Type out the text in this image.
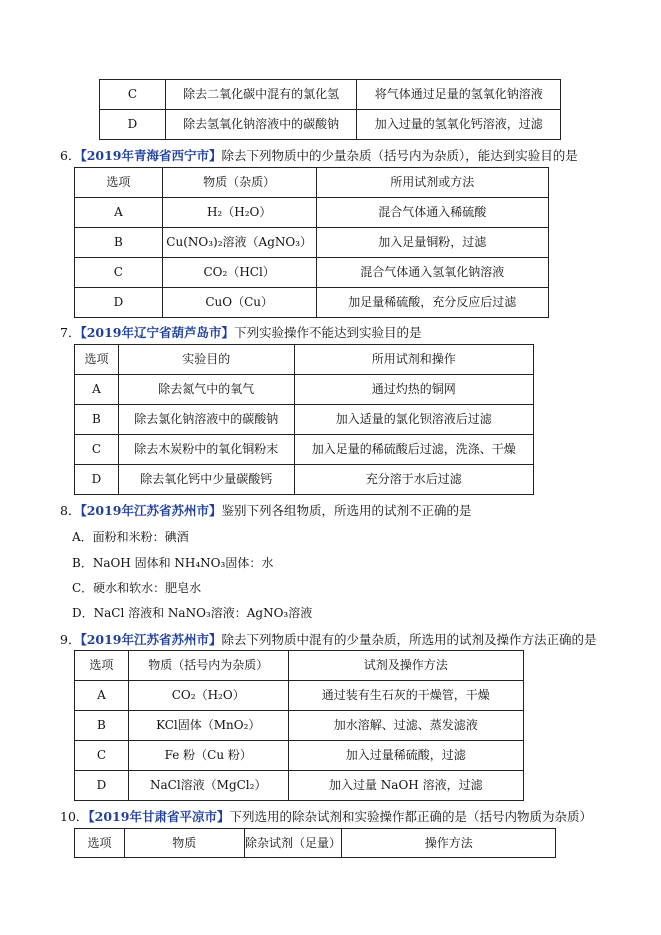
C	除去二氧化碳中混有的氯化氢	将气体通过足量的氢氧化钠溶液
D	除去氢氧化钠溶液中的碳酸钠	加入过量的氢氧化钙溶液，过滤
6．【2019年青海省西宁市】除去下列物质中的少量杂质（括号内为杂质），能达到实验目的是
选项	物质（杂质）	所用试剂或方法
A	H₂（H₂O）	混合气体通入稀硫酸
B	Cu(NO₃)₂溶液（AgNO₃）	加入足量铜粉，过滤
C	CO₂（HCl）	混合气体通入氢氧化钠溶液
D	CuO（Cu）	加足量稀硫酸，充分反应后过滤
7．【2019年辽宁省葫芦岛市】下列实验操作不能达到实验目的是
选项	实验目的	所用试剂和操作
A	除去氮气中的氧气	通过灼热的铜网
B	除去氯化钠溶液中的碳酸钠	加入适量的氯化钡溶液后过滤
C	除去木炭粉中的氧化铜粉末	加入足量的稀硫酸后过滤，洗涤、干燥
D	除去氧化钙中少量碳酸钙	充分溶于水后过滤
8．【2019年江苏省苏州市】鉴别下列各组物质，所选用的试剂不正确的是
A．面粉和米粉：碘酒
B．NaOH 固体和 NH₄NO₃固体：水
C．硬水和软水：肥皂水
D．NaCl 溶液和 NaNO₃溶液：AgNO₃溶液
9．【2019年江苏省苏州市】除去下列物质中混有的少量杂质，所选用的试剂及操作方法正确的是
选项	物质（括号内为杂质）	试剂及操作方法
A	CO₂（H₂O）	通过装有生石灰的干燥管，干燥
B	KCl固体（MnO₂）	加水溶解、过滤、蒸发滤液
C	Fe 粉（Cu 粉）	加入过量稀硫酸，过滤
D	NaCl溶液（MgCl₂）	加入过量 NaOH 溶液，过滤
10．【2019年甘肃省平凉市】下列选用的除杂试剂和实验操作都正确的是（括号内物质为杂质）
选项	物质	除杂试剂（足量）	操作方法
